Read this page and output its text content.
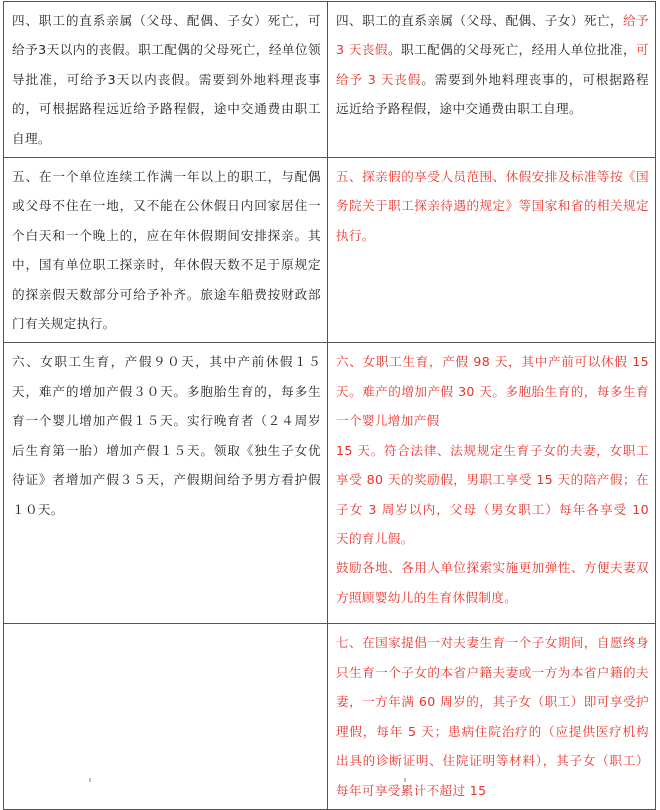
四、职工的直系亲属（父母、配偶、子女）死亡，可给予3天以内的丧假。职工配偶的父母死亡，经单位领导批准，可给予3天以内丧假。需要到外地料理丧事的，可根据路程远近给予路程假，途中交通费由职工自理。	四、职工的直系亲属（父母、配偶、子女）死亡，给予 3 天丧假。职工配偶的父母死亡，经用人单位批准，可给予 3 天丧假。需要到外地料理丧事的，可根据路程远近给予路程假，途中交通费由职工自理。

五、在一个单位连续工作满一年以上的职工，与配偶或父母不住在一地，又不能在公休假日内回家居住一个白天和一个晚上的，应在年休假期间安排探亲。其中，国有单位职工探亲时，年休假天数不足于原规定的探亲假天数部分可给予补齐。旅途车船费按财政部门有关规定执行。	五、探亲假的享受人员范围、休假安排及标准等按《国务院关于职工探亲待遇的规定》等国家和省的相关规定执行。

六、女职工生育，产假９０天，其中产前休假１５天，难产的增加产假３０天。多胞胎生育的，每多生育一个婴儿增加产假１５天。实行晚育者（２４周岁后生育第一胎）增加产假１５天。领取《独生子女优待证》者增加产假３５天，产假期间给予男方看护假１０天。	六、女职工生育，产假 98 天，其中产前可以休假 15 天。难产的增加产假 30 天。多胞胎生育的，每多生育一个婴儿增加产假

15 天。符合法律、法规规定生育子女的夫妻，女职工享受 80 天的奖励假，男职工享受 15 天的陪产假；在子女 3 周岁以内，父母（男女职工）每年各享受 10 天的育儿假。

鼓励各地、各用人单位探索实施更加弹性、方便夫妻双方照顾婴幼儿的生育休假制度。

	七、在国家提倡一对夫妻生育一个子女期间，自愿终身只生育一个子女的本省户籍夫妻或一方为本省户籍的夫妻，一方年满 60 周岁的，其子女（职工）即可享受护理假，每年 5 天；患病住院治疗的（应提供医疗机构出具的诊断证明、住院证明等材料），其子女（职工）每年可享受累计不超过 15
